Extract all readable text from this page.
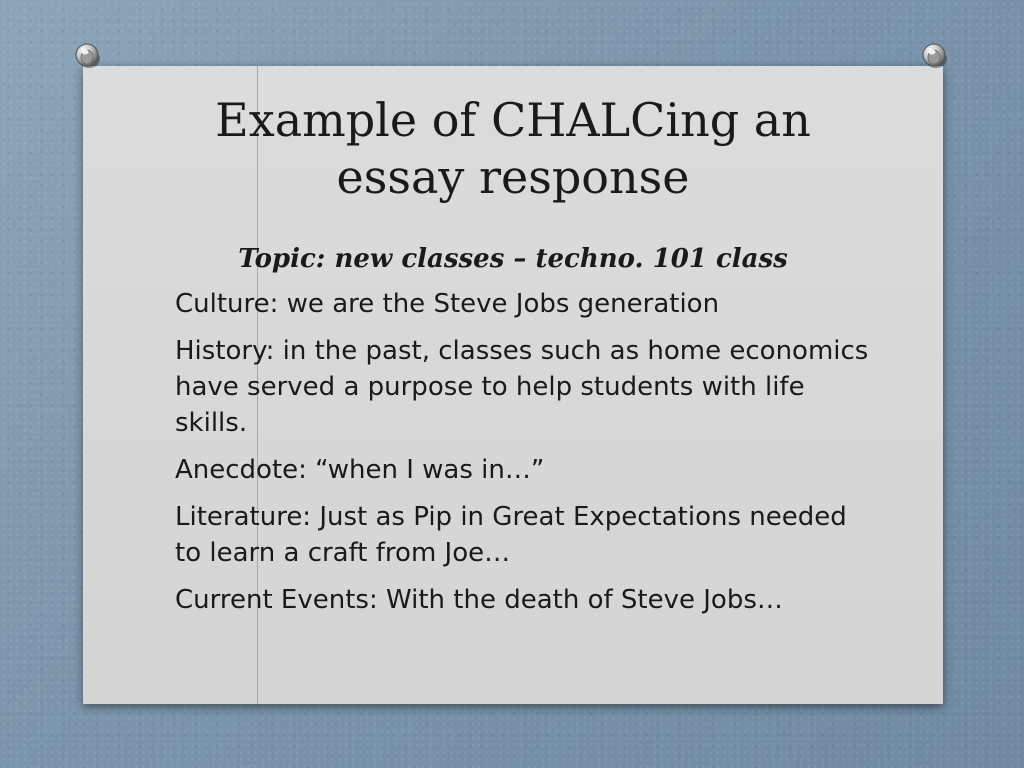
Example of CHALCing an
essay response
Topic: new classes – techno. 101 class
Culture: we are the Steve Jobs generation
History: in the past, classes such as home economics have served a purpose to help students with life skills.
Anecdote: “when I was in…”
Literature: Just as Pip in Great Expectations needed to learn a craft from Joe…
Current Events: With the death of Steve Jobs…
